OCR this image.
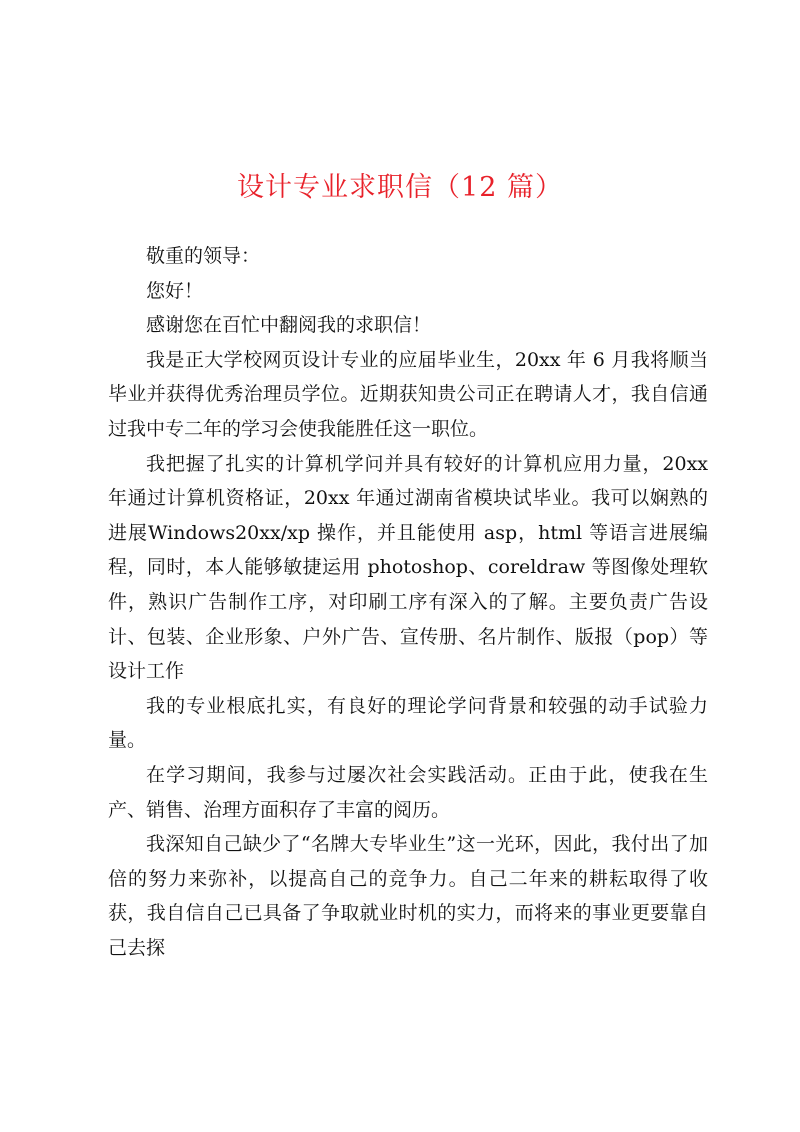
设计专业求职信（12 篇）

敬重的领导：

您好！

感谢您在百忙中翻阅我的求职信！

我是正大学校网页设计专业的应届毕业生，20xx 年 6 月我将顺当毕业并获得优秀治理员学位。近期获知贵公司正在聘请人才，我自信通过我中专二年的学习会使我能胜任这一职位。

我把握了扎实的计算机学问并具有较好的计算机应用力量，20xx 年通过计算机资格证，20xx 年通过湖南省模块试毕业。我可以娴熟的进展Windows20xx/xp 操作，并且能使用 asp，html 等语言进展编程，同时，本人能够敏捷运用 photoshop、coreldraw 等图像处理软件，熟识广告制作工序，对印刷工序有深入的了解。主要负责广告设计、包装、企业形象、户外广告、宣传册、名片制作、版报（pop）等设计工作

我的专业根底扎实，有良好的理论学问背景和较强的动手试验力量。

在学习期间，我参与过屡次社会实践活动。正由于此，使我在生产、销售、治理方面积存了丰富的阅历。

我深知自己缺少了“名牌大专毕业生”这一光环，因此，我付出了加倍的努力来弥补，以提高自己的竞争力。自己二年来的耕耘取得了收获，我自信自己已具备了争取就业时机的实力，而将来的事业更要靠自己去探
